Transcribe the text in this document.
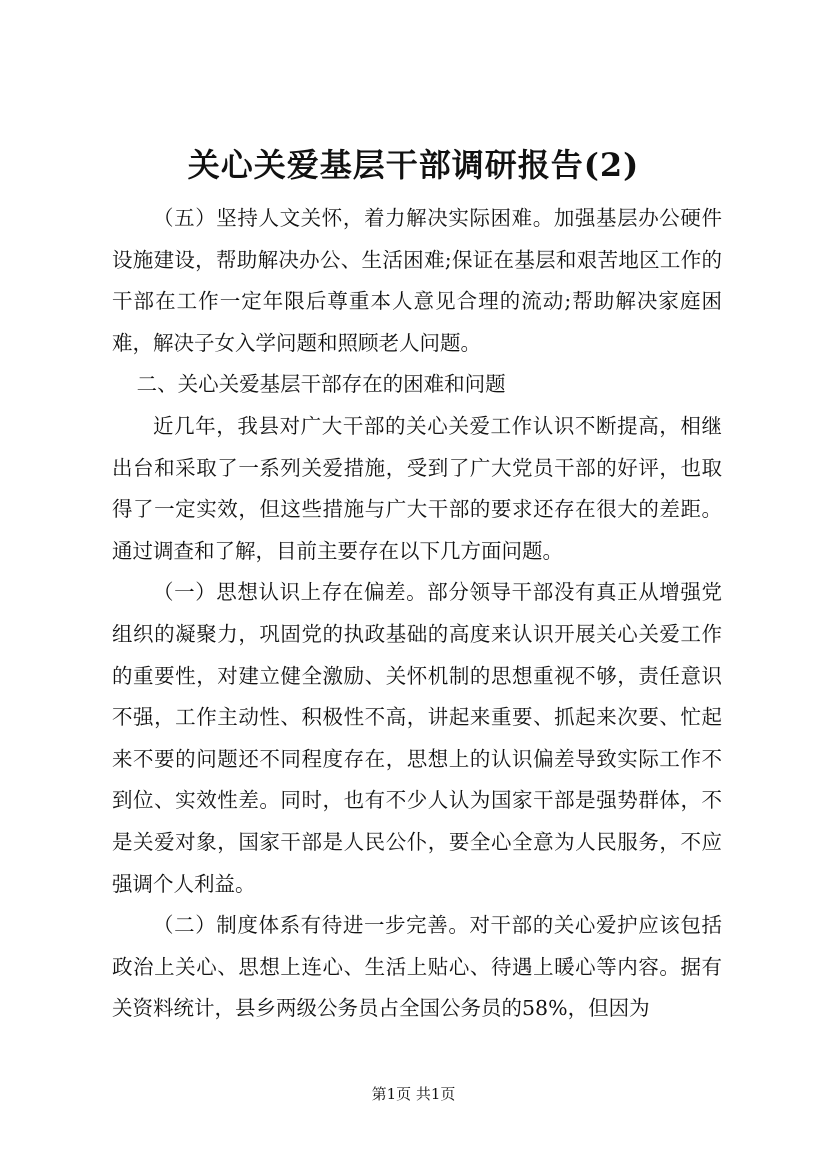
关心关爱基层干部调研报告(2)

（五）坚持人文关怀，着力解决实际困难。加强基层办公硬件设施建设，帮助解决办公、生活困难;保证在基层和艰苦地区工作的干部在工作一定年限后尊重本人意见合理的流动;帮助解决家庭困难，解决子女入学问题和照顾老人问题。

二、关心关爱基层干部存在的困难和问题

近几年，我县对广大干部的关心关爱工作认识不断提高，相继出台和采取了一系列关爱措施，受到了广大党员干部的好评，也取得了一定实效，但这些措施与广大干部的要求还存在很大的差距。通过调查和了解，目前主要存在以下几方面问题。

（一）思想认识上存在偏差。部分领导干部没有真正从增强党组织的凝聚力，巩固党的执政基础的高度来认识开展关心关爱工作的重要性，对建立健全激励、关怀机制的思想重视不够，责任意识不强，工作主动性、积极性不高，讲起来重要、抓起来次要、忙起来不要的问题还不同程度存在，思想上的认识偏差导致实际工作不到位、实效性差。同时，也有不少人认为国家干部是强势群体，不是关爱对象，国家干部是人民公仆，要全心全意为人民服务，不应强调个人利益。

（二）制度体系有待进一步完善。对干部的关心爱护应该包括政治上关心、思想上连心、生活上贴心、待遇上暖心等内容。据有关资料统计，县乡两级公务员占全国公务员的58%，但因为

第1页 共1页
